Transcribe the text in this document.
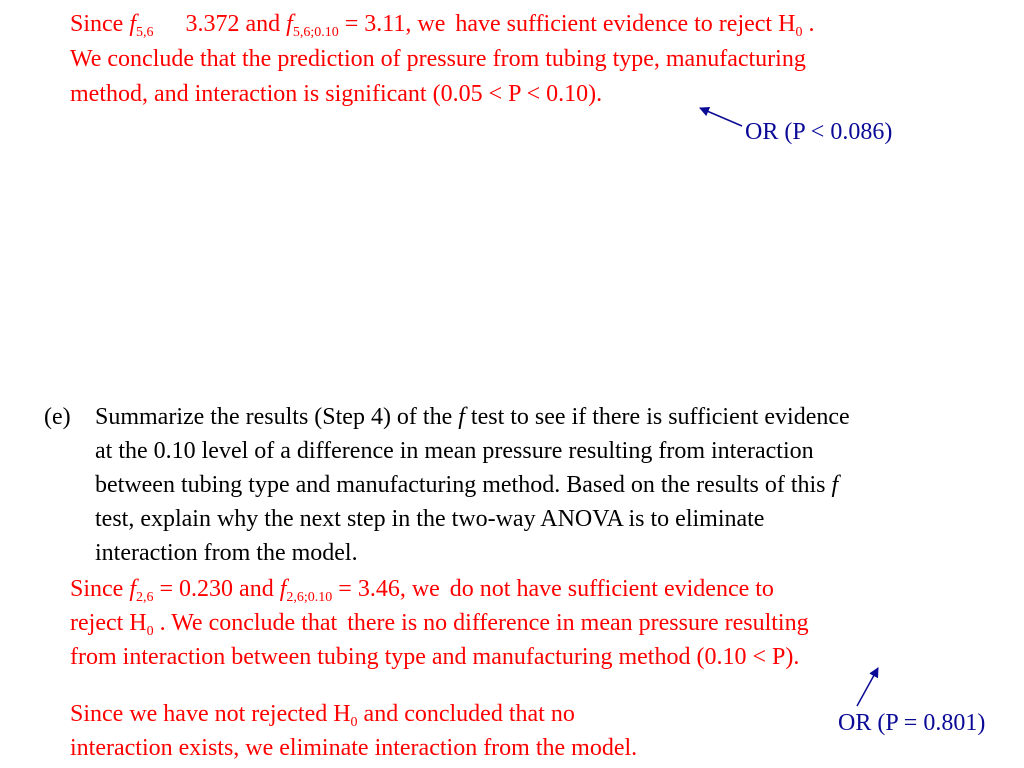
Since $f_{5,6}$ 3.372 and $f_{5,6;0.10} = 3.11$, we have sufficient evidence to reject $H_0$ .
We conclude that the prediction of pressure from tubing type, manufacturing
method, and interaction is significant (0.05 < P < 0.10).
OR (P < 0.086)
(e) Summarize the results (Step 4) of the f test to see if there is sufficient evidence
at the 0.10 level of a difference in mean pressure resulting from interaction
between tubing type and manufacturing method. Based on the results of this f
test, explain why the next step in the two-way ANOVA is to eliminate
interaction from the model.
Since $f_{2,6} = 0.230$ and $f_{2,6;0.10} = 3.46$, we do not have sufficient evidence to
reject $H_0$ . We conclude that there is no difference in mean pressure resulting
from interaction between tubing type and manufacturing method (0.10 < P).
OR (P = 0.801)
Since we have not rejected $H_0$ and concluded that no
interaction exists, we eliminate interaction from the model.
